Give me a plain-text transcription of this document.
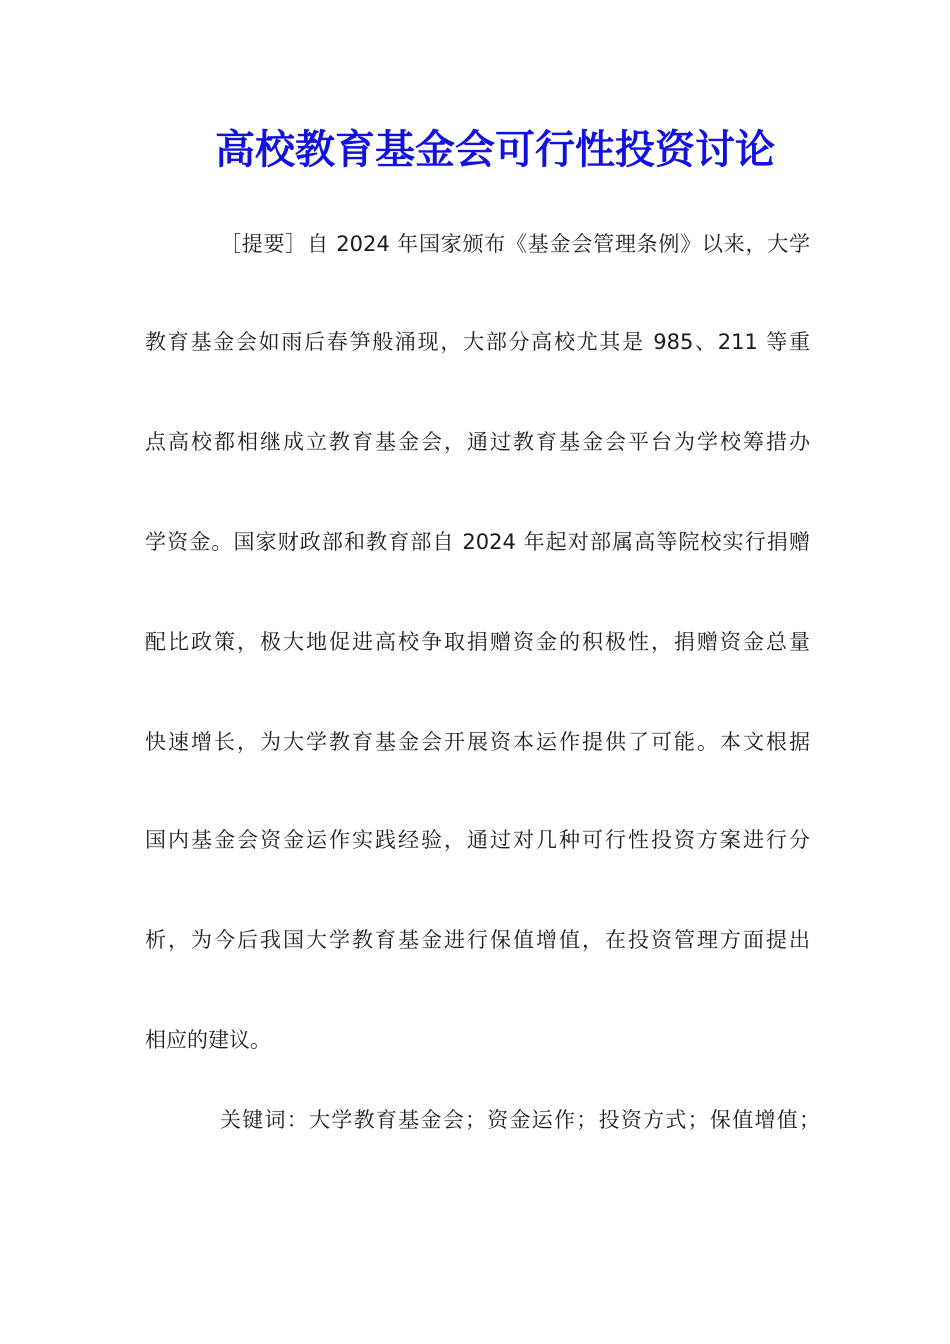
高校教育基金会可行性投资讨论
［提要］自 2024 年国家颁布《基金会管理条例》以来，大学
教育基金会如雨后春笋般涌现，大部分高校尤其是 985、211 等重
点高校都相继成立教育基金会，通过教育基金会平台为学校筹措办
学资金。国家财政部和教育部自 2024 年起对部属高等院校实行捐赠
配比政策，极大地促进高校争取捐赠资金的积极性，捐赠资金总量
快速增长，为大学教育基金会开展资本运作提供了可能。本文根据
国内基金会资金运作实践经验，通过对几种可行性投资方案进行分
析，为今后我国大学教育基金进行保值增值，在投资管理方面提出
相应的建议。
关键词：大学教育基金会；资金运作；投资方式；保值增值；
